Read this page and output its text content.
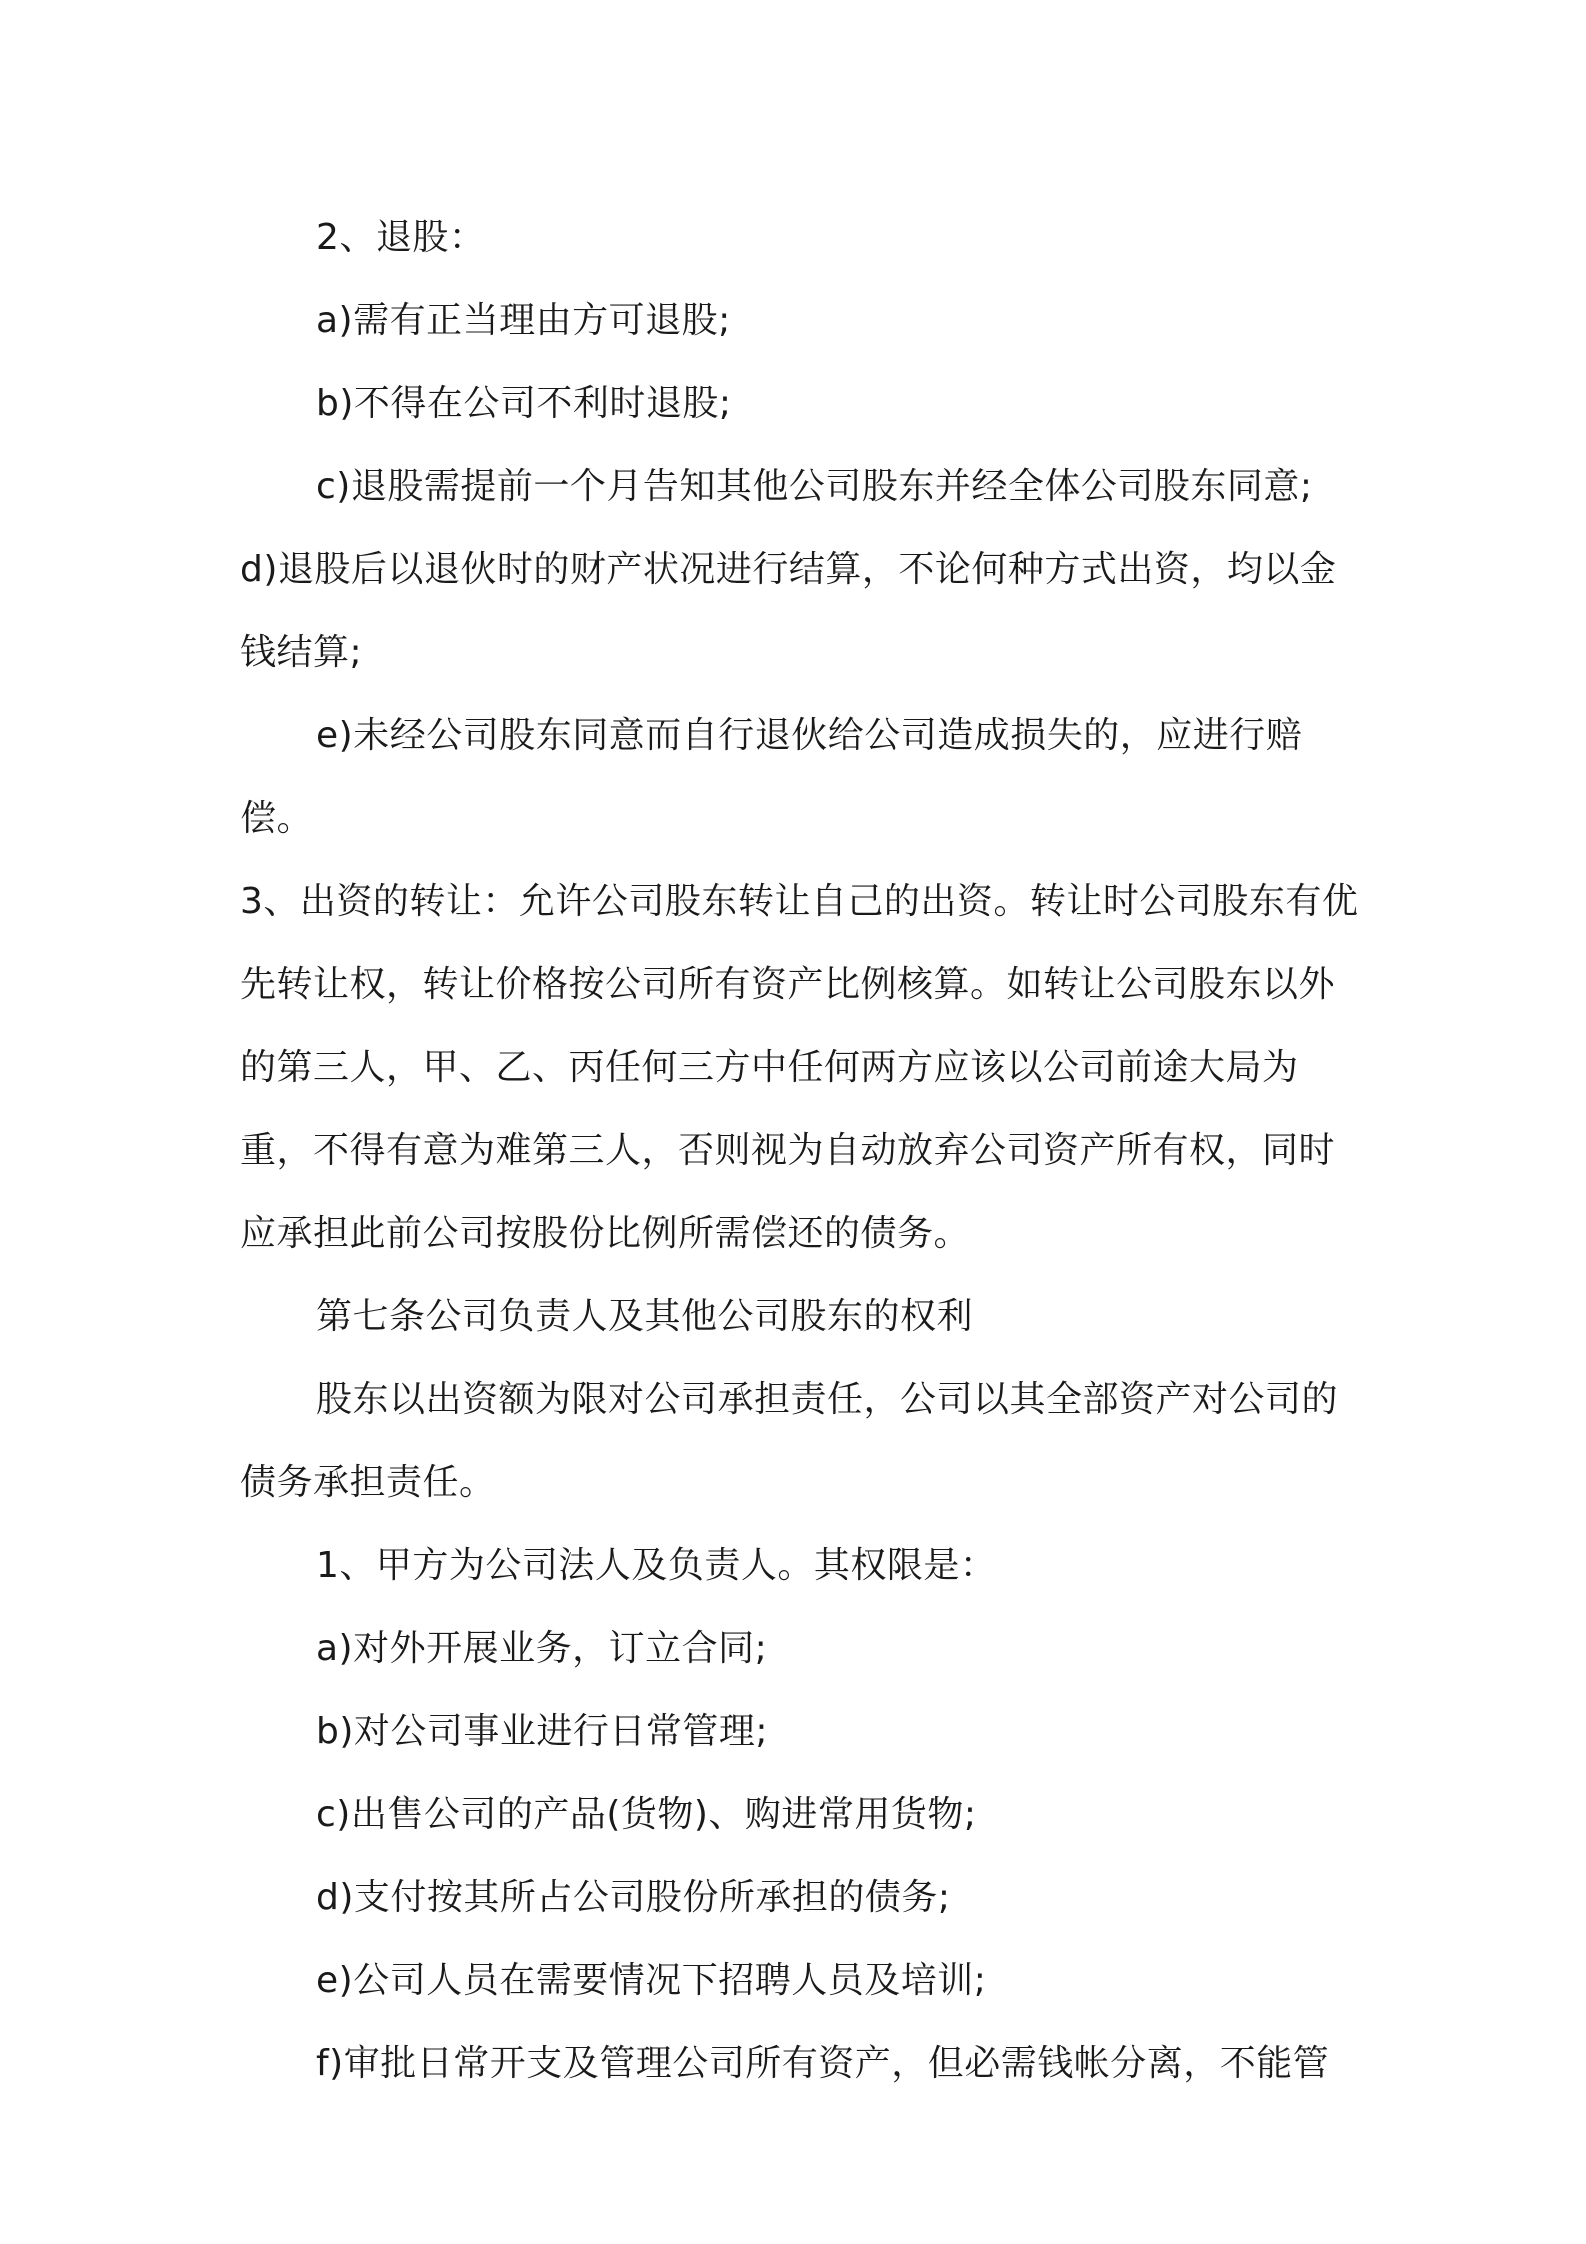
2、退股：

a)需有正当理由方可退股;

b)不得在公司不利时退股;

c)退股需提前一个月告知其他公司股东并经全体公司股东同意;

d)退股后以退伙时的财产状况进行结算，不论何种方式出资，均以金钱结算;

e)未经公司股东同意而自行退伙给公司造成损失的，应进行赔偿。

3、出资的转让：允许公司股东转让自己的出资。转让时公司股东有优先转让权，转让价格按公司所有资产比例核算。如转让公司股东以外的第三人，甲、乙、丙任何三方中任何两方应该以公司前途大局为重，不得有意为难第三人，否则视为自动放弃公司资产所有权，同时应承担此前公司按股份比例所需偿还的债务。

第七条公司负责人及其他公司股东的权利

股东以出资额为限对公司承担责任，公司以其全部资产对公司的债务承担责任。

1、甲方为公司法人及负责人。其权限是：

a)对外开展业务，订立合同;

b)对公司事业进行日常管理;

c)出售公司的产品(货物)、购进常用货物;

d)支付按其所占公司股份所承担的债务;

e)公司人员在需要情况下招聘人员及培训;

f)审批日常开支及管理公司所有资产，但必需钱帐分离，不能管
